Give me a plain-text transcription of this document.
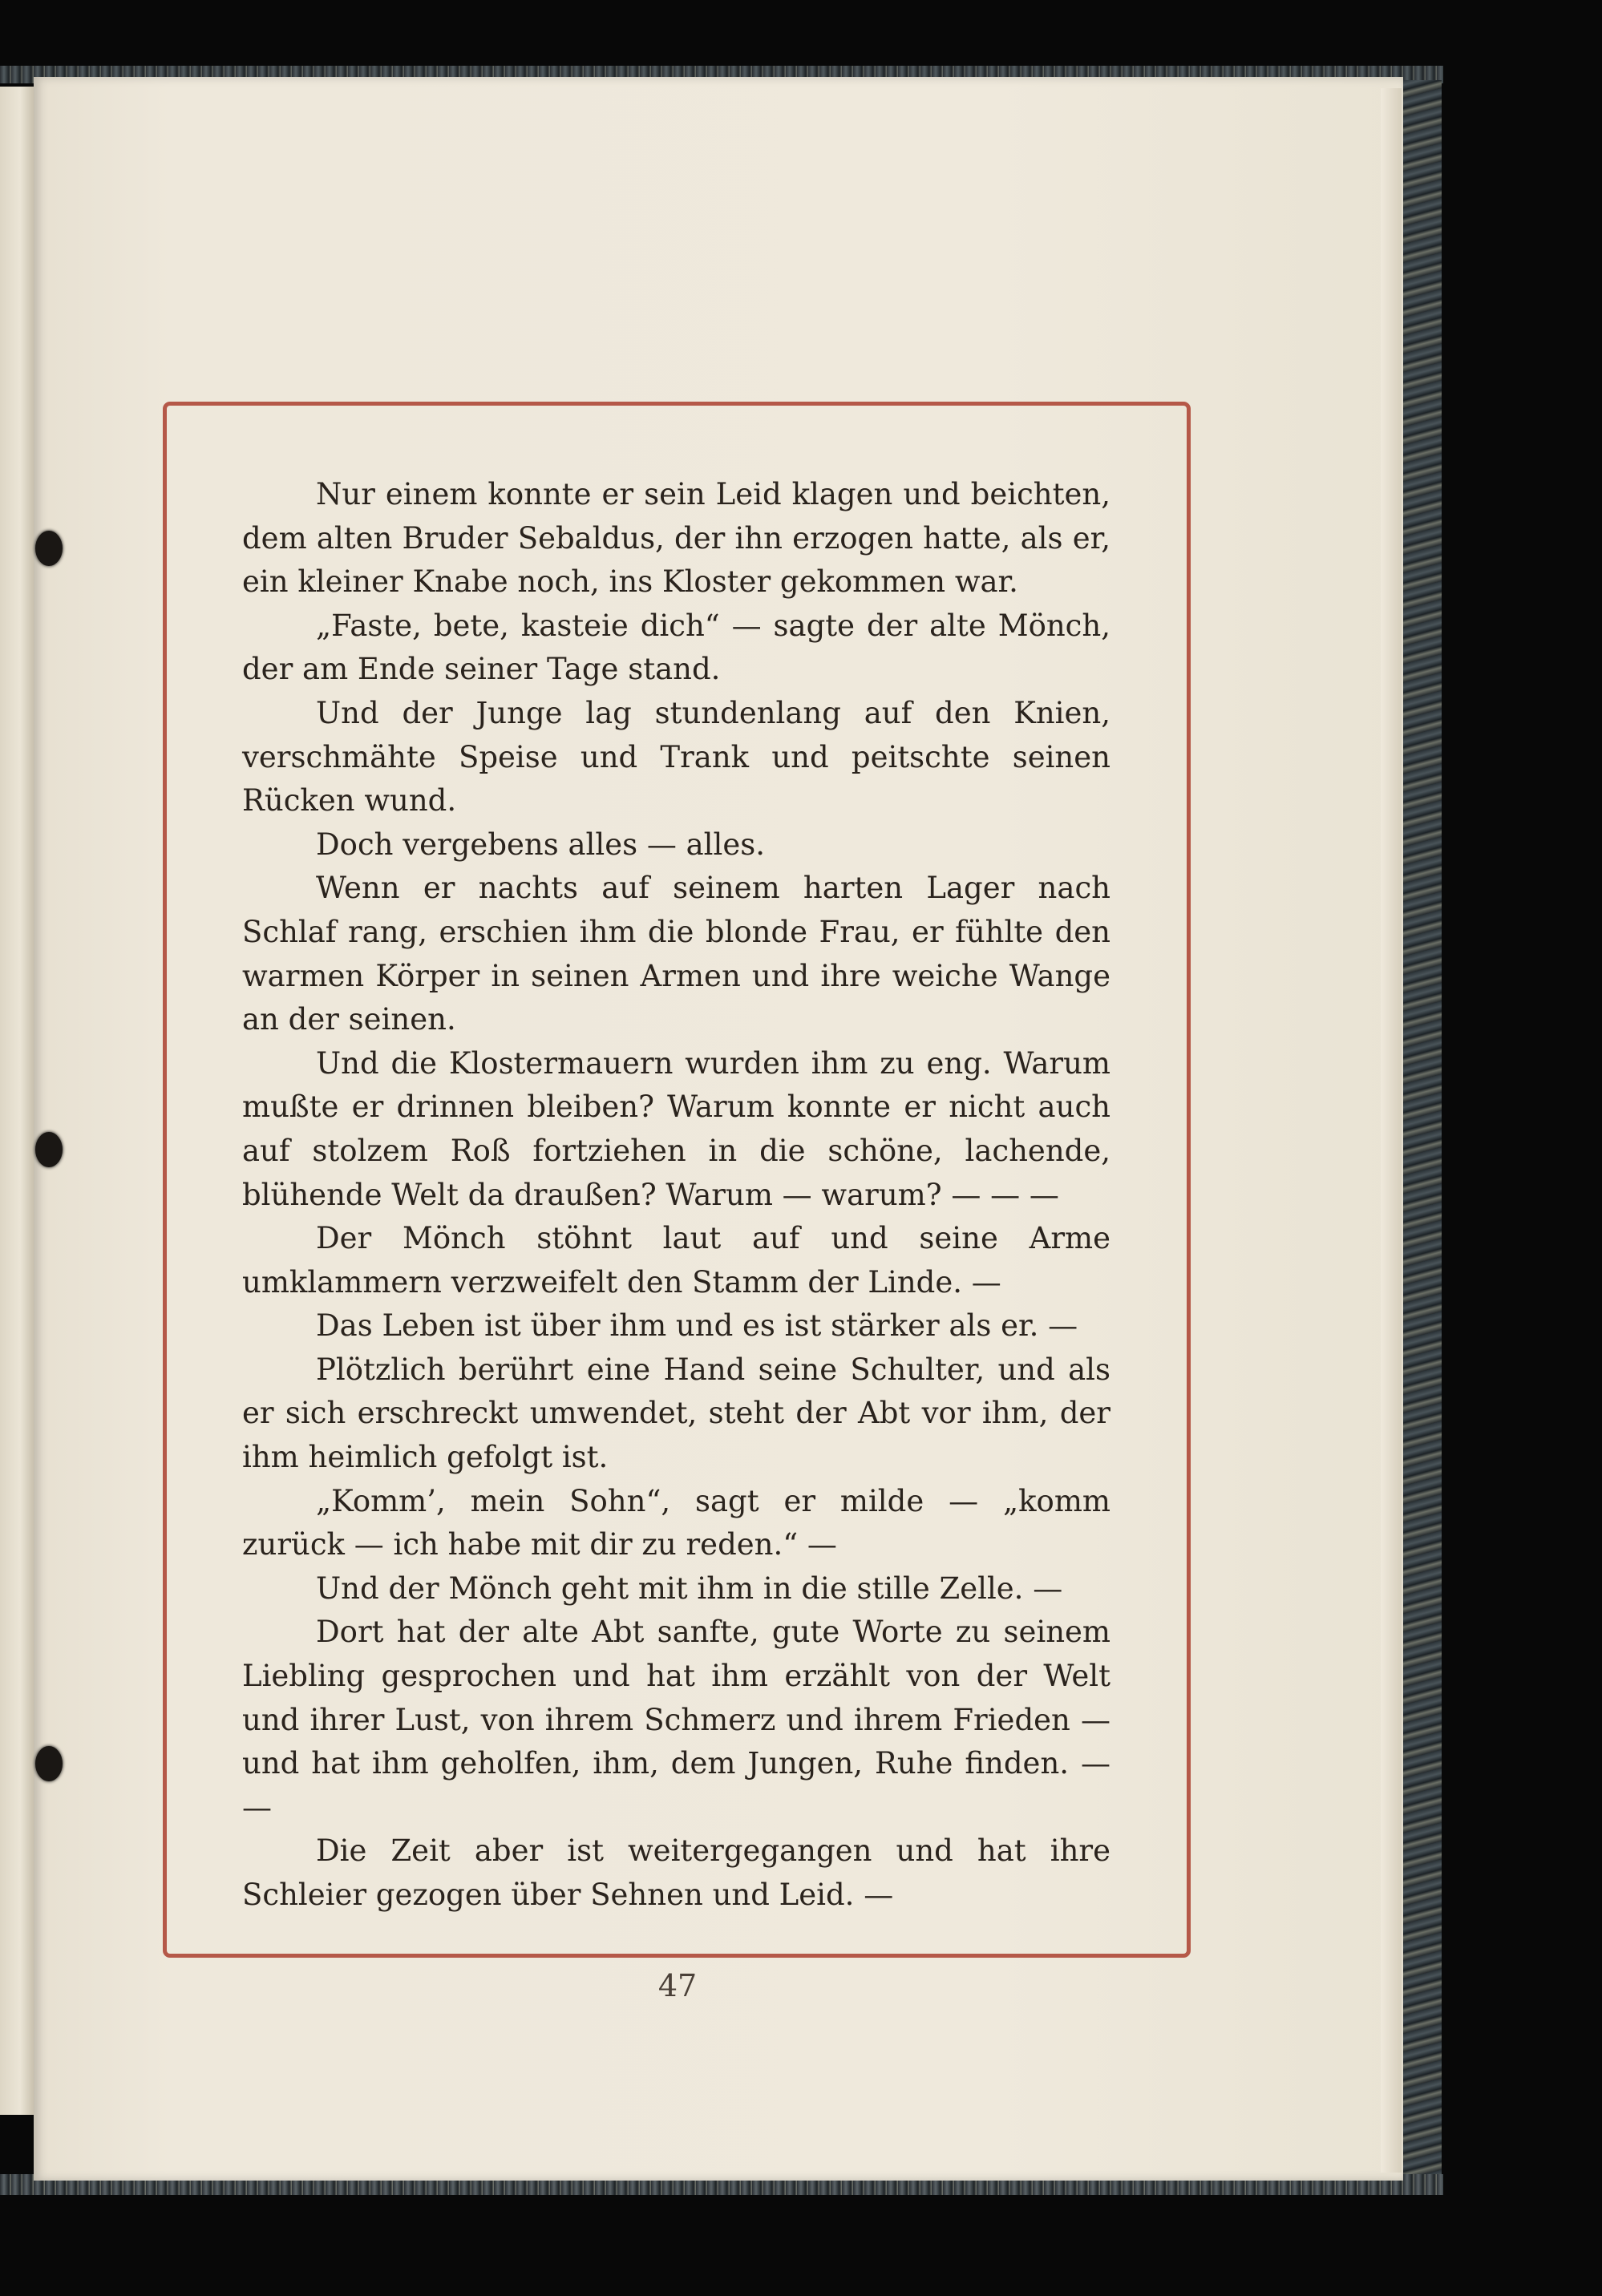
Nur einem konnte er sein Leid klagen und beichten, dem alten Bruder Sebaldus, der ihn erzogen hatte, als er, ein kleiner Knabe noch, ins Kloster gekommen war.

„Faste, bete, kasteie dich“ — sagte der alte Mönch, der am Ende seiner Tage stand.

Und der Junge lag stundenlang auf den Knien, verschmähte Speise und Trank und peitschte seinen Rücken wund.

Doch vergebens alles — alles.

Wenn er nachts auf seinem harten Lager nach Schlaf rang, erschien ihm die blonde Frau, er fühlte den warmen Körper in seinen Armen und ihre weiche Wange an der seinen.

Und die Klostermauern wurden ihm zu eng. Warum mußte er drinnen bleiben? Warum konnte er nicht auch auf stolzem Roß fortziehen in die schöne, lachende, blühende Welt da draußen? Warum — warum? — — —

Der Mönch stöhnt laut auf und seine Arme umklammern verzweifelt den Stamm der Linde. —

Das Leben ist über ihm und es ist stärker als er. —

Plötzlich berührt eine Hand seine Schulter, und als er sich erschreckt umwendet, steht der Abt vor ihm, der ihm heimlich gefolgt ist.

„Komm’, mein Sohn“, sagt er milde — „komm zurück — ich habe mit dir zu reden.“ —

Und der Mönch geht mit ihm in die stille Zelle. —

Dort hat der alte Abt sanfte, gute Worte zu seinem Liebling gesprochen und hat ihm erzählt von der Welt und ihrer Lust, von ihrem Schmerz und ihrem Frieden — und hat ihm geholfen, ihm, dem Jungen, Ruhe finden. — —

Die Zeit aber ist weitergegangen und hat ihre Schleier gezogen über Sehnen und Leid. —

47
